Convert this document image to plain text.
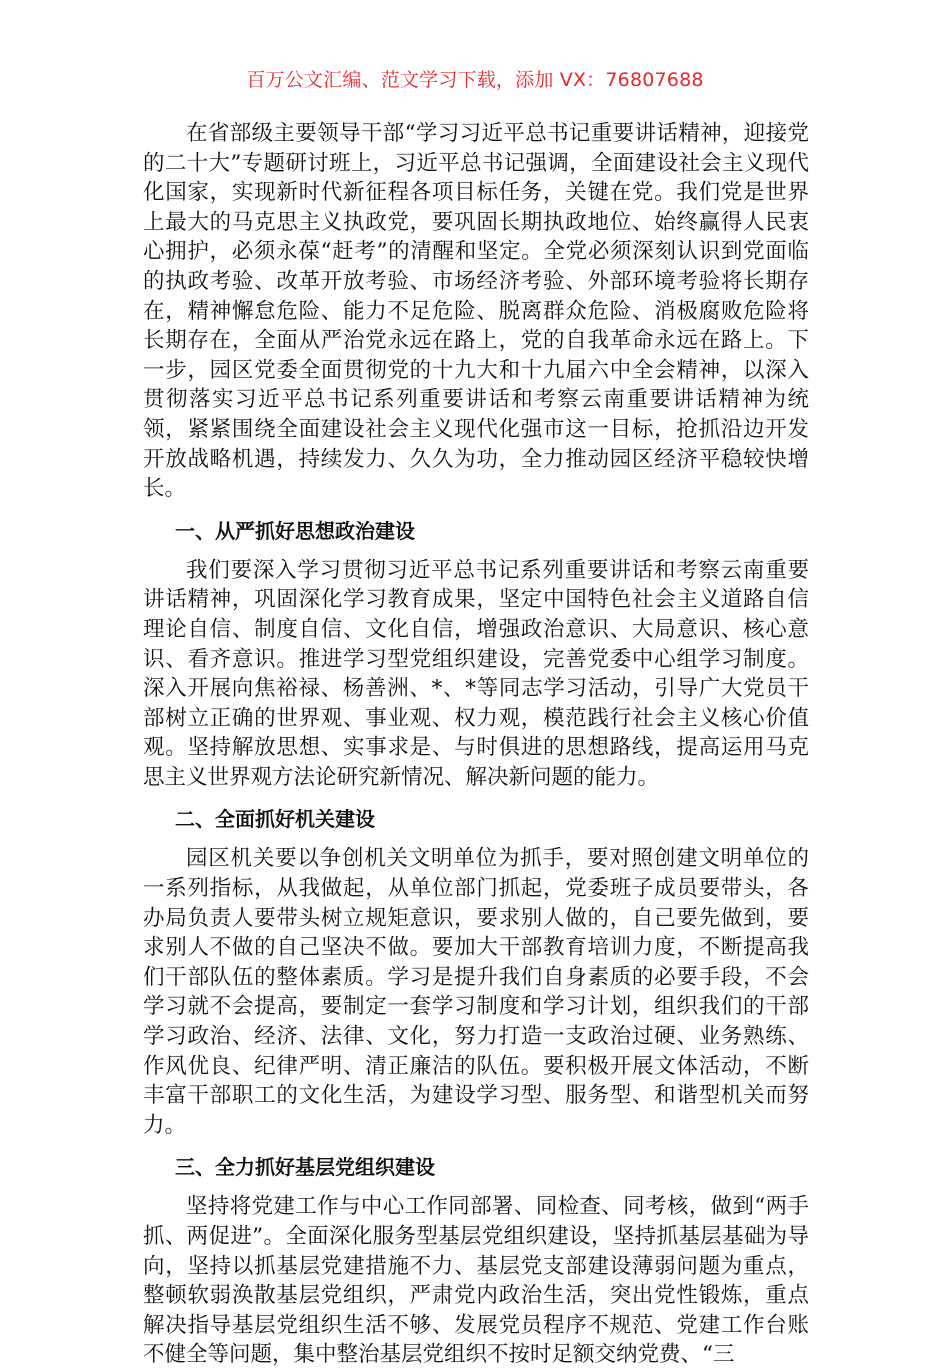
百万公文汇编、范文学习下载，添加 VX：76807688

在省部级主要领导干部“学习习近平总书记重要讲话精神，迎接党的二十大”专题研讨班上，习近平总书记强调，全面建设社会主义现代化国家，实现新时代新征程各项目标任务，关键在党。我们党是世界上最大的马克思主义执政党，要巩固长期执政地位、始终赢得人民衷心拥护，必须永葆“赶考”的清醒和坚定。全党必须深刻认识到党面临的执政考验、改革开放考验、市场经济考验、外部环境考验将长期存在，精神懈怠危险、能力不足危险、脱离群众危险、消极腐败危险将长期存在，全面从严治党永远在路上，党的自我革命永远在路上。下一步，园区党委全面贯彻党的十九大和十九届六中全会精神，以深入贯彻落实习近平总书记系列重要讲话和考察云南重要讲话精神为统领，紧紧围绕全面建设社会主义现代化强市这一目标，抢抓沿边开发开放战略机遇，持续发力、久久为功，全力推动园区经济平稳较快增长。

一、从严抓好思想政治建设

我们要深入学习贯彻习近平总书记系列重要讲话和考察云南重要讲话精神，巩固深化学习教育成果，坚定中国特色社会主义道路自信理论自信、制度自信、文化自信，增强政治意识、大局意识、核心意识、看齐意识。推进学习型党组织建设，完善党委中心组学习制度。深入开展向焦裕禄、杨善洲、*、*等同志学习活动，引导广大党员干部树立正确的世界观、事业观、权力观，模范践行社会主义核心价值观。坚持解放思想、实事求是、与时俱进的思想路线，提高运用马克思主义世界观方法论研究新情况、解决新问题的能力。

二、全面抓好机关建设

园区机关要以争创机关文明单位为抓手，要对照创建文明单位的一系列指标，从我做起，从单位部门抓起，党委班子成员要带头，各办局负责人要带头树立规矩意识，要求别人做的，自己要先做到，要求别人不做的自己坚决不做。要加大干部教育培训力度，不断提高我们干部队伍的整体素质。学习是提升我们自身素质的必要手段，不会学习就不会提高，要制定一套学习制度和学习计划，组织我们的干部学习政治、经济、法律、文化，努力打造一支政治过硬、业务熟练、作风优良、纪律严明、清正廉洁的队伍。要积极开展文体活动，不断丰富干部职工的文化生活，为建设学习型、服务型、和谐型机关而努力。

三、全力抓好基层党组织建设

坚持将党建工作与中心工作同部署、同检查、同考核，做到“两手抓、两促进”。全面深化服务型基层党组织建设，坚持抓基层基础为导向，坚持以抓基层党建措施不力、基层党支部建设薄弱问题为重点，整顿软弱涣散基层党组织，严肃党内政治生活，突出党性锻炼，重点解决指导基层党组织生活不够、发展党员程序不规范、党建工作台账不健全等问题，集中整治基层党组织不按时足额交纳党费、“三
